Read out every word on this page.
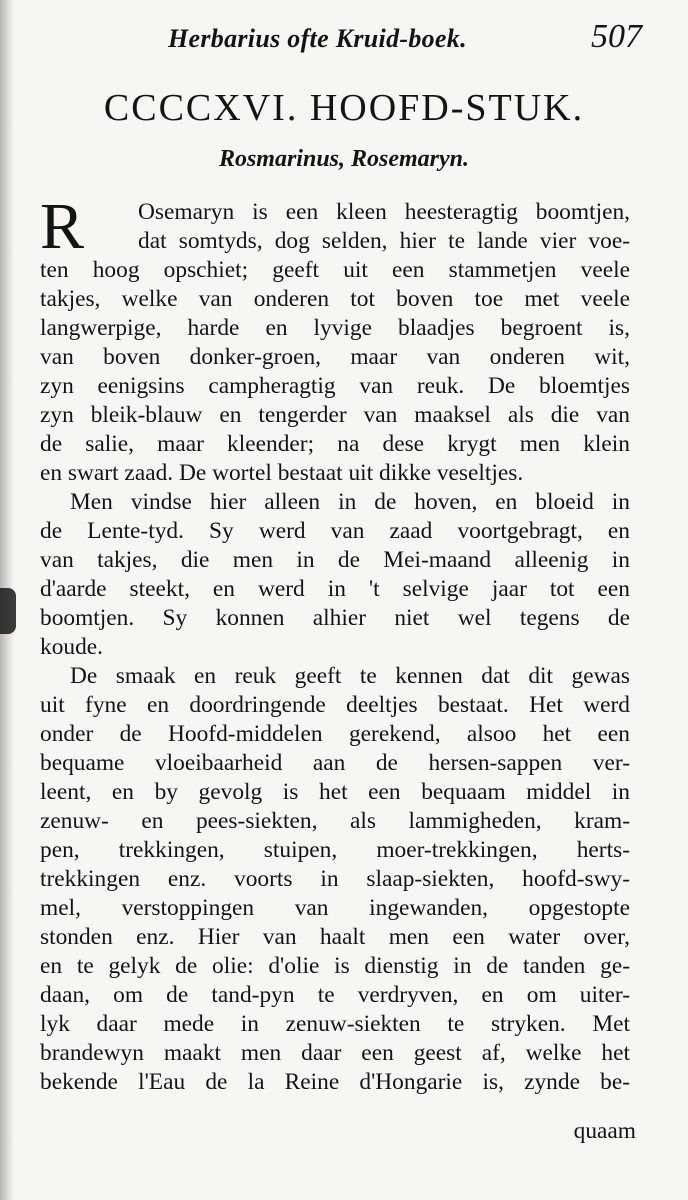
Herbarius ofte Kruid-boek.	507
CCCCXVI. HOOFD-STUK.
Rosmarinus, Rosemaryn.
R	Osemaryn is een kleen heesteragtig boomtjen,
dat somtyds, dog selden, hier te lande vier voe-
ten hoog opschiet; geeft uit een stammetjen veele
takjes, welke van onderen tot boven toe met veele
langwerpige, harde en lyvige blaadjes begroent is,
van boven donker-groen, maar van onderen wit,
zyn eenigsins campheragtig van reuk. De bloemtjes
zyn bleik-blauw en tengerder van maaksel als die van
de salie, maar kleender; na dese krygt men klein
en swart zaad. De wortel bestaat uit dikke veseltjes.
Men vindse hier alleen in de hoven, en bloeid in
de Lente-tyd. Sy werd van zaad voortgebragt, en
van takjes, die men in de Mei-maand alleenig in
d'aarde steekt, en werd in 't selvige jaar tot een
boomtjen. Sy konnen alhier niet wel tegens de
koude.
De smaak en reuk geeft te kennen dat dit gewas
uit fyne en doordringende deeltjes bestaat. Het werd
onder de Hoofd-middelen gerekend, alsoo het een
bequame vloeibaarheid aan de hersen-sappen ver-
leent, en by gevolg is het een bequaam middel in
zenuw- en pees-siekten, als lammigheden, kram-
pen, trekkingen, stuipen, moer-trekkingen, herts-
trekkingen enz. voorts in slaap-siekten, hoofd-swy-
mel, verstoppingen van ingewanden, opgestopte
stonden enz. Hier van haalt men een water over,
en te gelyk de olie: d'olie is dienstig in de tanden ge-
daan, om de tand-pyn te verdryven, en om uiter-
lyk daar mede in zenuw-siekten te stryken. Met
brandewyn maakt men daar een geest af, welke het
bekende l'Eau de la Reine d'Hongarie is, zynde be-
quaam
